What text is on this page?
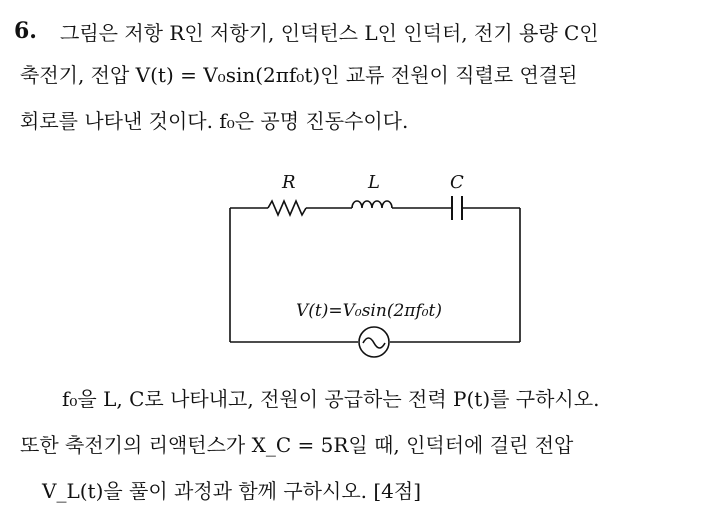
6. 그림은 저항 R인 저항기, 인덕턴스 L인 인덕터, 전기 용량 C인
축전기, 전압 V(t) = V₀sin(2πf₀t)인 교류 전원이 직렬로 연결된
회로를 나타낸 것이다. f₀은 공명 진동수이다.
R	L	C
V(t)=V₀sin(2πf₀t)
f₀을 L, C로 나타내고, 전원이 공급하는 전력 P(t)를 구하시오.
또한 축전기의 리액턴스가 X_C = 5R일 때, 인덕터에 걸린 전압
V_L(t)을 풀이 과정과 함께 구하시오. [4점]
